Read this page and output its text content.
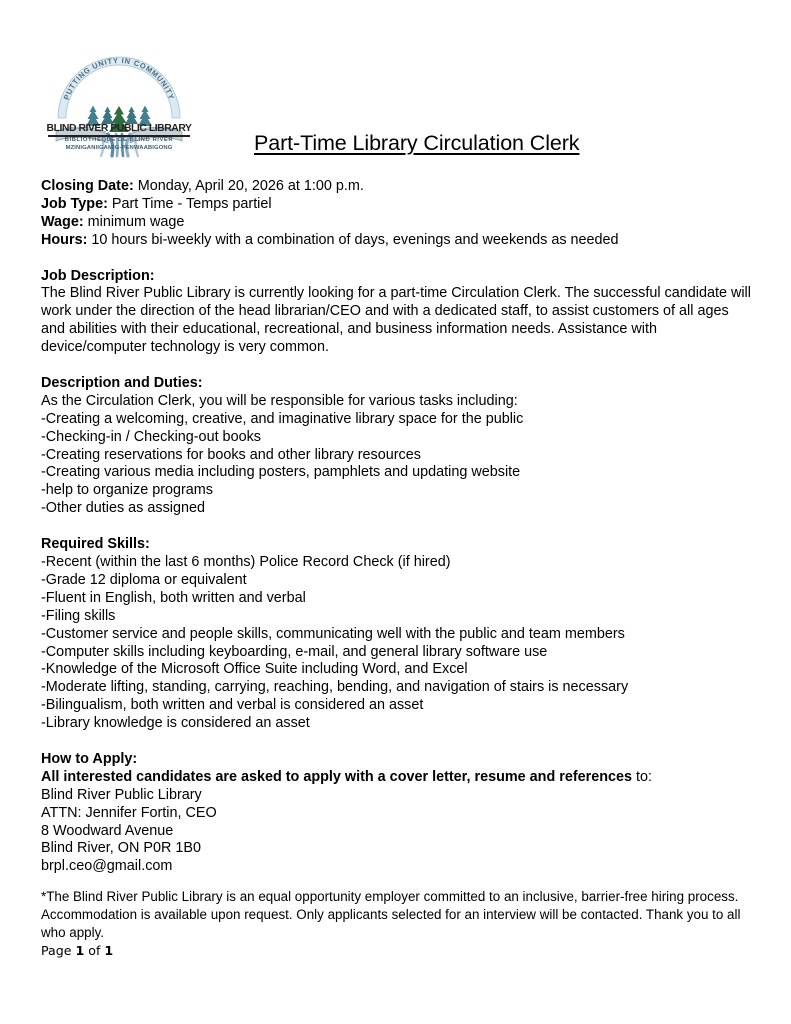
PUTTING UNITY IN COMMUNITY
BLIND RIVER PUBLIC LIBRARY
BIBLIOTHEQUE DE BLIND RIVER
MZINIGANIIGAMIG-PENWAABIGONG	Part-Time Library Circulation Clerk
Closing Date: Monday, April 20, 2026 at 1:00 p.m.
Job Type: Part Time - Temps partiel
Wage: minimum wage
Hours: 10 hours bi-weekly with a combination of days, evenings and weekends as needed
Job Description:
The Blind River Public Library is currently looking for a part-time Circulation Clerk. The successful candidate will work under the direction of the head librarian/CEO and with a dedicated staff, to assist customers of all ages and abilities with their educational, recreational, and business information needs. Assistance with device/computer technology is very common.
Description and Duties:
As the Circulation Clerk, you will be responsible for various tasks including:
-Creating a welcoming, creative, and imaginative library space for the public
-Checking-in / Checking-out books
-Creating reservations for books and other library resources
-Creating various media including posters, pamphlets and updating website
-help to organize programs
-Other duties as assigned
Required Skills:
-Recent (within the last 6 months) Police Record Check (if hired)
-Grade 12 diploma or equivalent
-Fluent in English, both written and verbal
-Filing skills
-Customer service and people skills, communicating well with the public and team members
-Computer skills including keyboarding, e-mail, and general library software use
-Knowledge of the Microsoft Office Suite including Word, and Excel
-Moderate lifting, standing, carrying, reaching, bending, and navigation of stairs is necessary
-Bilingualism, both written and verbal is considered an asset
-Library knowledge is considered an asset
How to Apply:
All interested candidates are asked to apply with a cover letter, resume and references to:
Blind River Public Library
ATTN: Jennifer Fortin, CEO
8 Woodward Avenue
Blind River, ON P0R 1B0
brpl.ceo@gmail.com
*The Blind River Public Library is an equal opportunity employer committed to an inclusive, barrier-free hiring process. Accommodation is available upon request. Only applicants selected for an interview will be contacted. Thank you to all who apply.
Page 1 of 1
